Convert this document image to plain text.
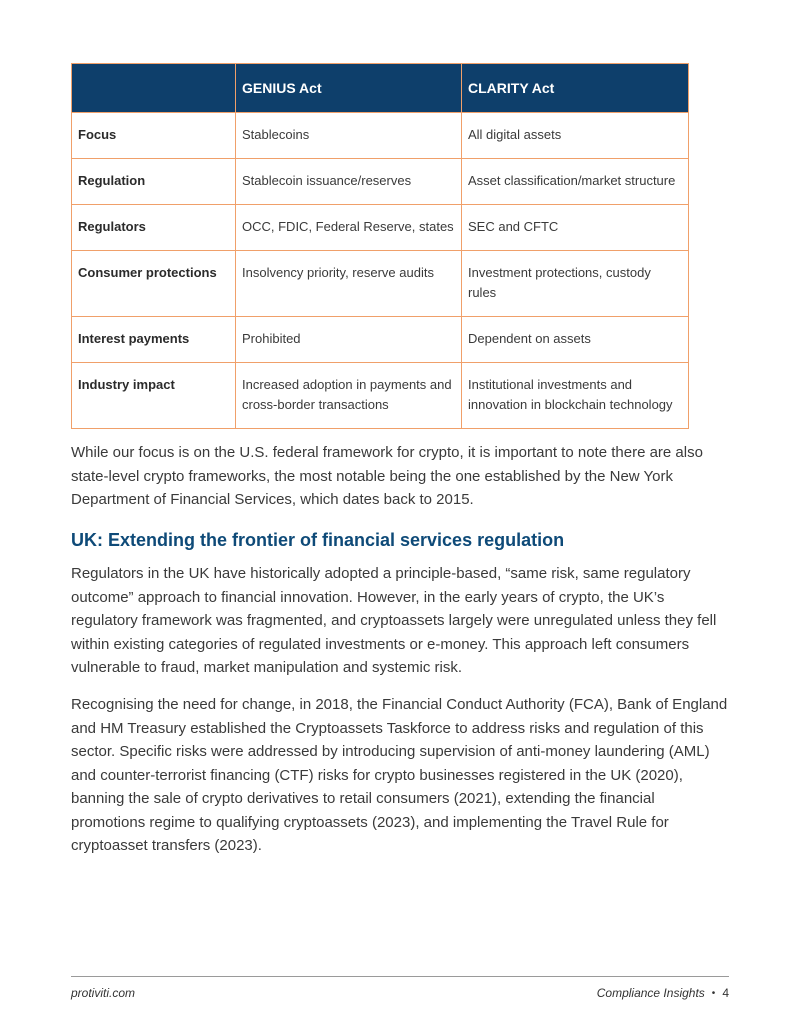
	GENIUS Act	CLARITY Act
Focus	Stablecoins	All digital assets
Regulation	Stablecoin issuance/reserves	Asset classification/market structure
Regulators	OCC, FDIC, Federal Reserve, states	SEC and CFTC
Consumer protections	Insolvency priority, reserve audits	Investment protections, custody rules
Interest payments	Prohibited	Dependent on assets
Industry impact	Increased adoption in payments and cross-border transactions	Institutional investments and innovation in blockchain technology

While our focus is on the U.S. federal framework for crypto, it is important to note there are also state-level crypto frameworks, the most notable being the one established by the New York Department of Financial Services, which dates back to 2015.

UK: Extending the frontier of financial services regulation

Regulators in the UK have historically adopted a principle-based, “same risk, same regulatory outcome” approach to financial innovation. However, in the early years of crypto, the UK’s regulatory framework was fragmented, and cryptoassets largely were unregulated unless they fell within existing categories of regulated investments or e-money. This approach left consumers vulnerable to fraud, market manipulation and systemic risk.

Recognising the need for change, in 2018, the Financial Conduct Authority (FCA), Bank of England and HM Treasury established the Cryptoassets Taskforce to address risks and regulation of this sector. Specific risks were addressed by introducing supervision of anti-money laundering (AML) and counter-terrorist financing (CTF) risks for crypto businesses registered in the UK (2020), banning the sale of crypto derivatives to retail consumers (2021), extending the financial promotions regime to qualifying cryptoassets (2023), and implementing the Travel Rule for cryptoasset transfers (2023).

protiviti.com	Compliance Insights • 4
